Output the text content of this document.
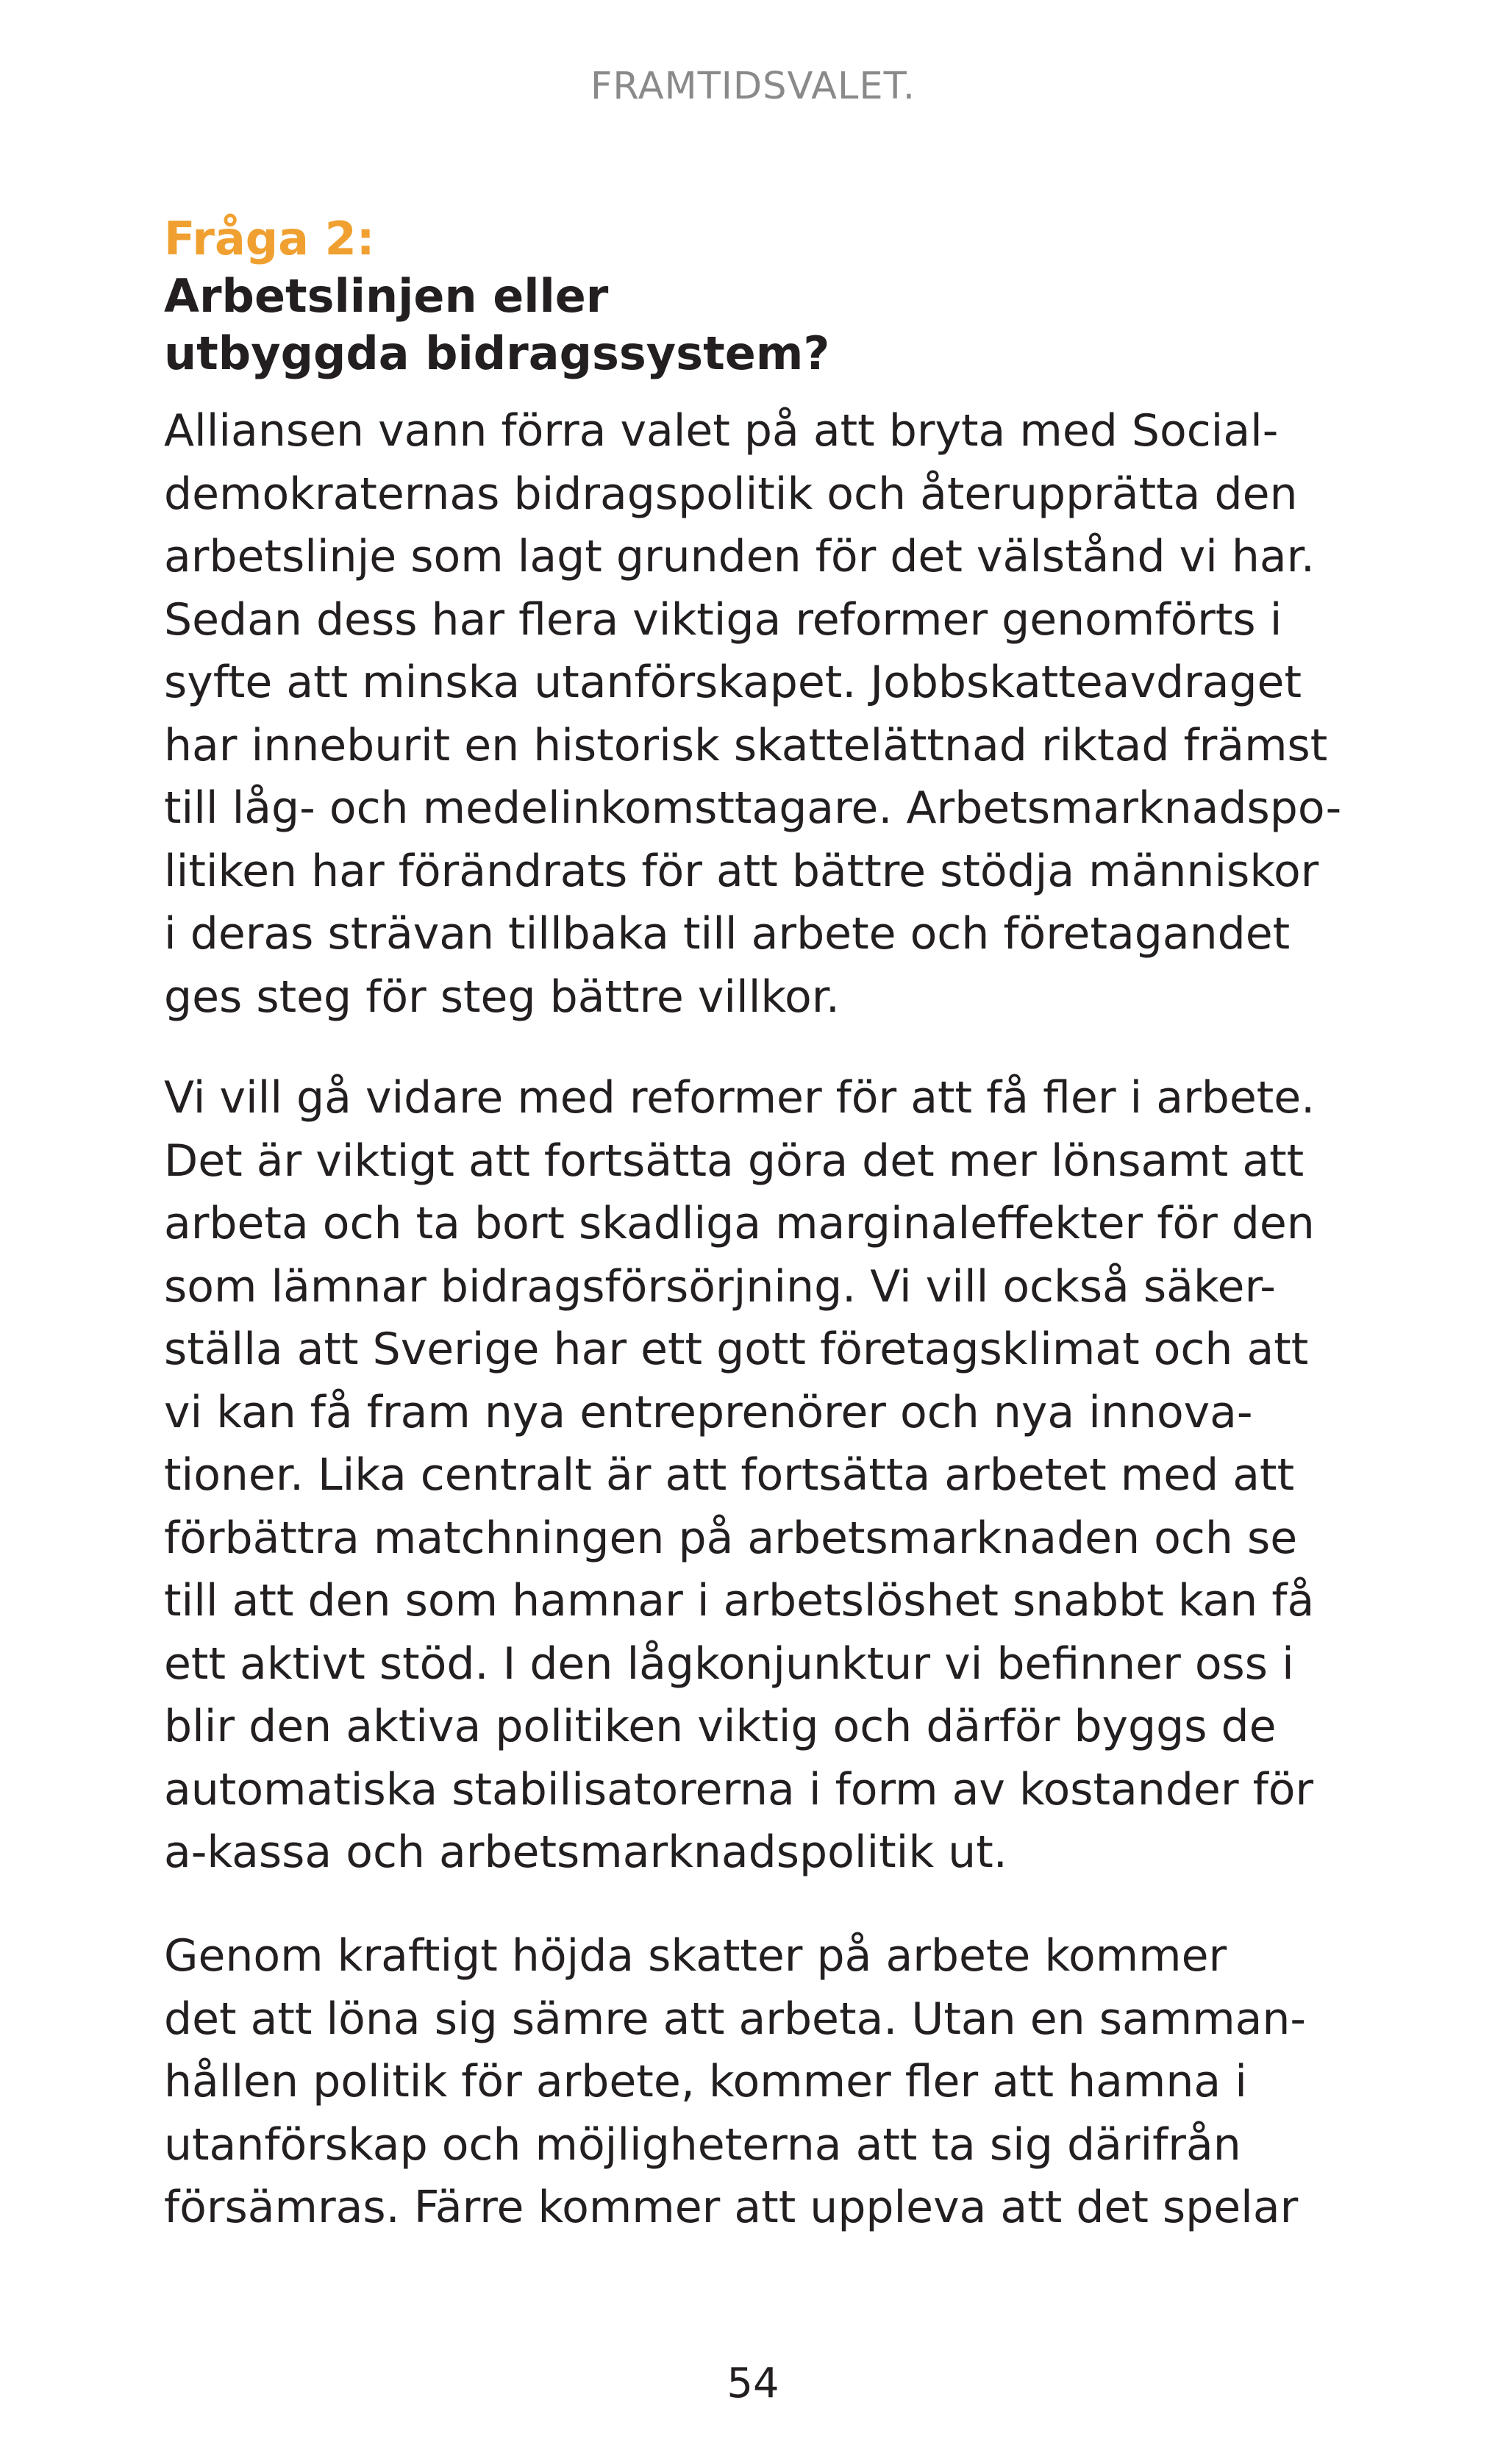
FRAMTIDSVALET.
Fråga 2:
Arbetslinjen eller
utbyggda bidragssystem?
Alliansen vann förra valet på att bryta med Social-
demokraternas bidragspolitik och återupprätta den
arbetslinje som lagt grunden för det välstånd vi har.
Sedan dess har flera viktiga reformer genomförts i
syfte att minska utanförskapet. Jobbskatteavdraget
har inneburit en historisk skattelättnad riktad främst
till låg- och medelinkomsttagare. Arbetsmarknadspo-
litiken har förändrats för att bättre stödja människor
i deras strävan tillbaka till arbete och företagandet
ges steg för steg bättre villkor.
Vi vill gå vidare med reformer för att få fler i arbete.
Det är viktigt att fortsätta göra det mer lönsamt att
arbeta och ta bort skadliga marginaleffekter för den
som lämnar bidragsförsörjning. Vi vill också säker-
ställa att Sverige har ett gott företagsklimat och att
vi kan få fram nya entreprenörer och nya innova-
tioner. Lika centralt är att fortsätta arbetet med att
förbättra matchningen på arbetsmarknaden och se
till att den som hamnar i arbetslöshet snabbt kan få
ett aktivt stöd. I den lågkonjunktur vi befinner oss i
blir den aktiva politiken viktig och därför byggs de
automatiska stabilisatorerna i form av kostander för
a-kassa och arbetsmarknadspolitik ut.
Genom kraftigt höjda skatter på arbete kommer
det att löna sig sämre att arbeta. Utan en samman-
hållen politik för arbete, kommer fler att hamna i
utanförskap och möjligheterna att ta sig därifrån
försämras. Färre kommer att uppleva att det spelar
54
